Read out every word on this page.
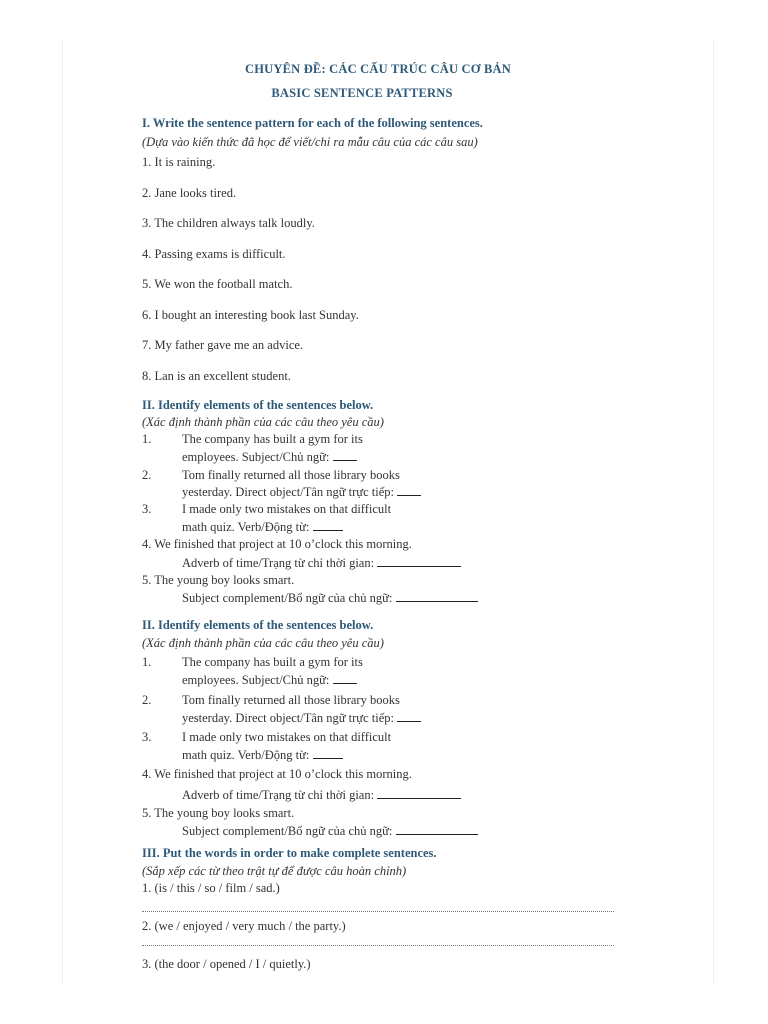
CHUYÊN ĐỀ: CÁC CẤU TRÚC CÂU CƠ BẢN
BASIC SENTENCE PATTERNS
I. Write the sentence pattern for each of the following sentences.
(Dựa vào kiến thức đã học để viết/chỉ ra mẫu câu của các câu sau)
1. It is raining.
2. Jane looks tired.
3. The children always talk loudly.
4. Passing exams is difficult.
5. We won the football match.
6. I bought an interesting book last Sunday.
7. My father gave me an advice.
8. Lan is an excellent student.
II. Identify elements of the sentences below.
(Xác định thành phần của các câu theo yêu cầu)
1. The company has built a gym for its
employees. Subject/Chủ ngữ:
2. Tom finally returned all those library books
yesterday. Direct object/Tân ngữ trực tiếp:
3. I made only two mistakes on that difficult
math quiz. Verb/Động từ:
4. We finished that project at 10 o’clock this morning.
Adverb of time/Trạng từ chỉ thời gian:
5. The young boy looks smart.
Subject complement/Bổ ngữ của chủ ngữ:
II. Identify elements of the sentences below.
(Xác định thành phần của các câu theo yêu cầu)
1. The company has built a gym for its
employees. Subject/Chủ ngữ:
2. Tom finally returned all those library books
yesterday. Direct object/Tân ngữ trực tiếp:
3. I made only two mistakes on that difficult
math quiz. Verb/Động từ:
4. We finished that project at 10 o’clock this morning.
Adverb of time/Trạng từ chỉ thời gian:
5. The young boy looks smart.
Subject complement/Bổ ngữ của chủ ngữ:
III. Put the words in order to make complete sentences.
(Sắp xếp các từ theo trật tự để được câu hoàn chỉnh)
1. (is / this / so / film / sad.)
2. (we / enjoyed / very much / the party.)
3. (the door / opened / I / quietly.)
